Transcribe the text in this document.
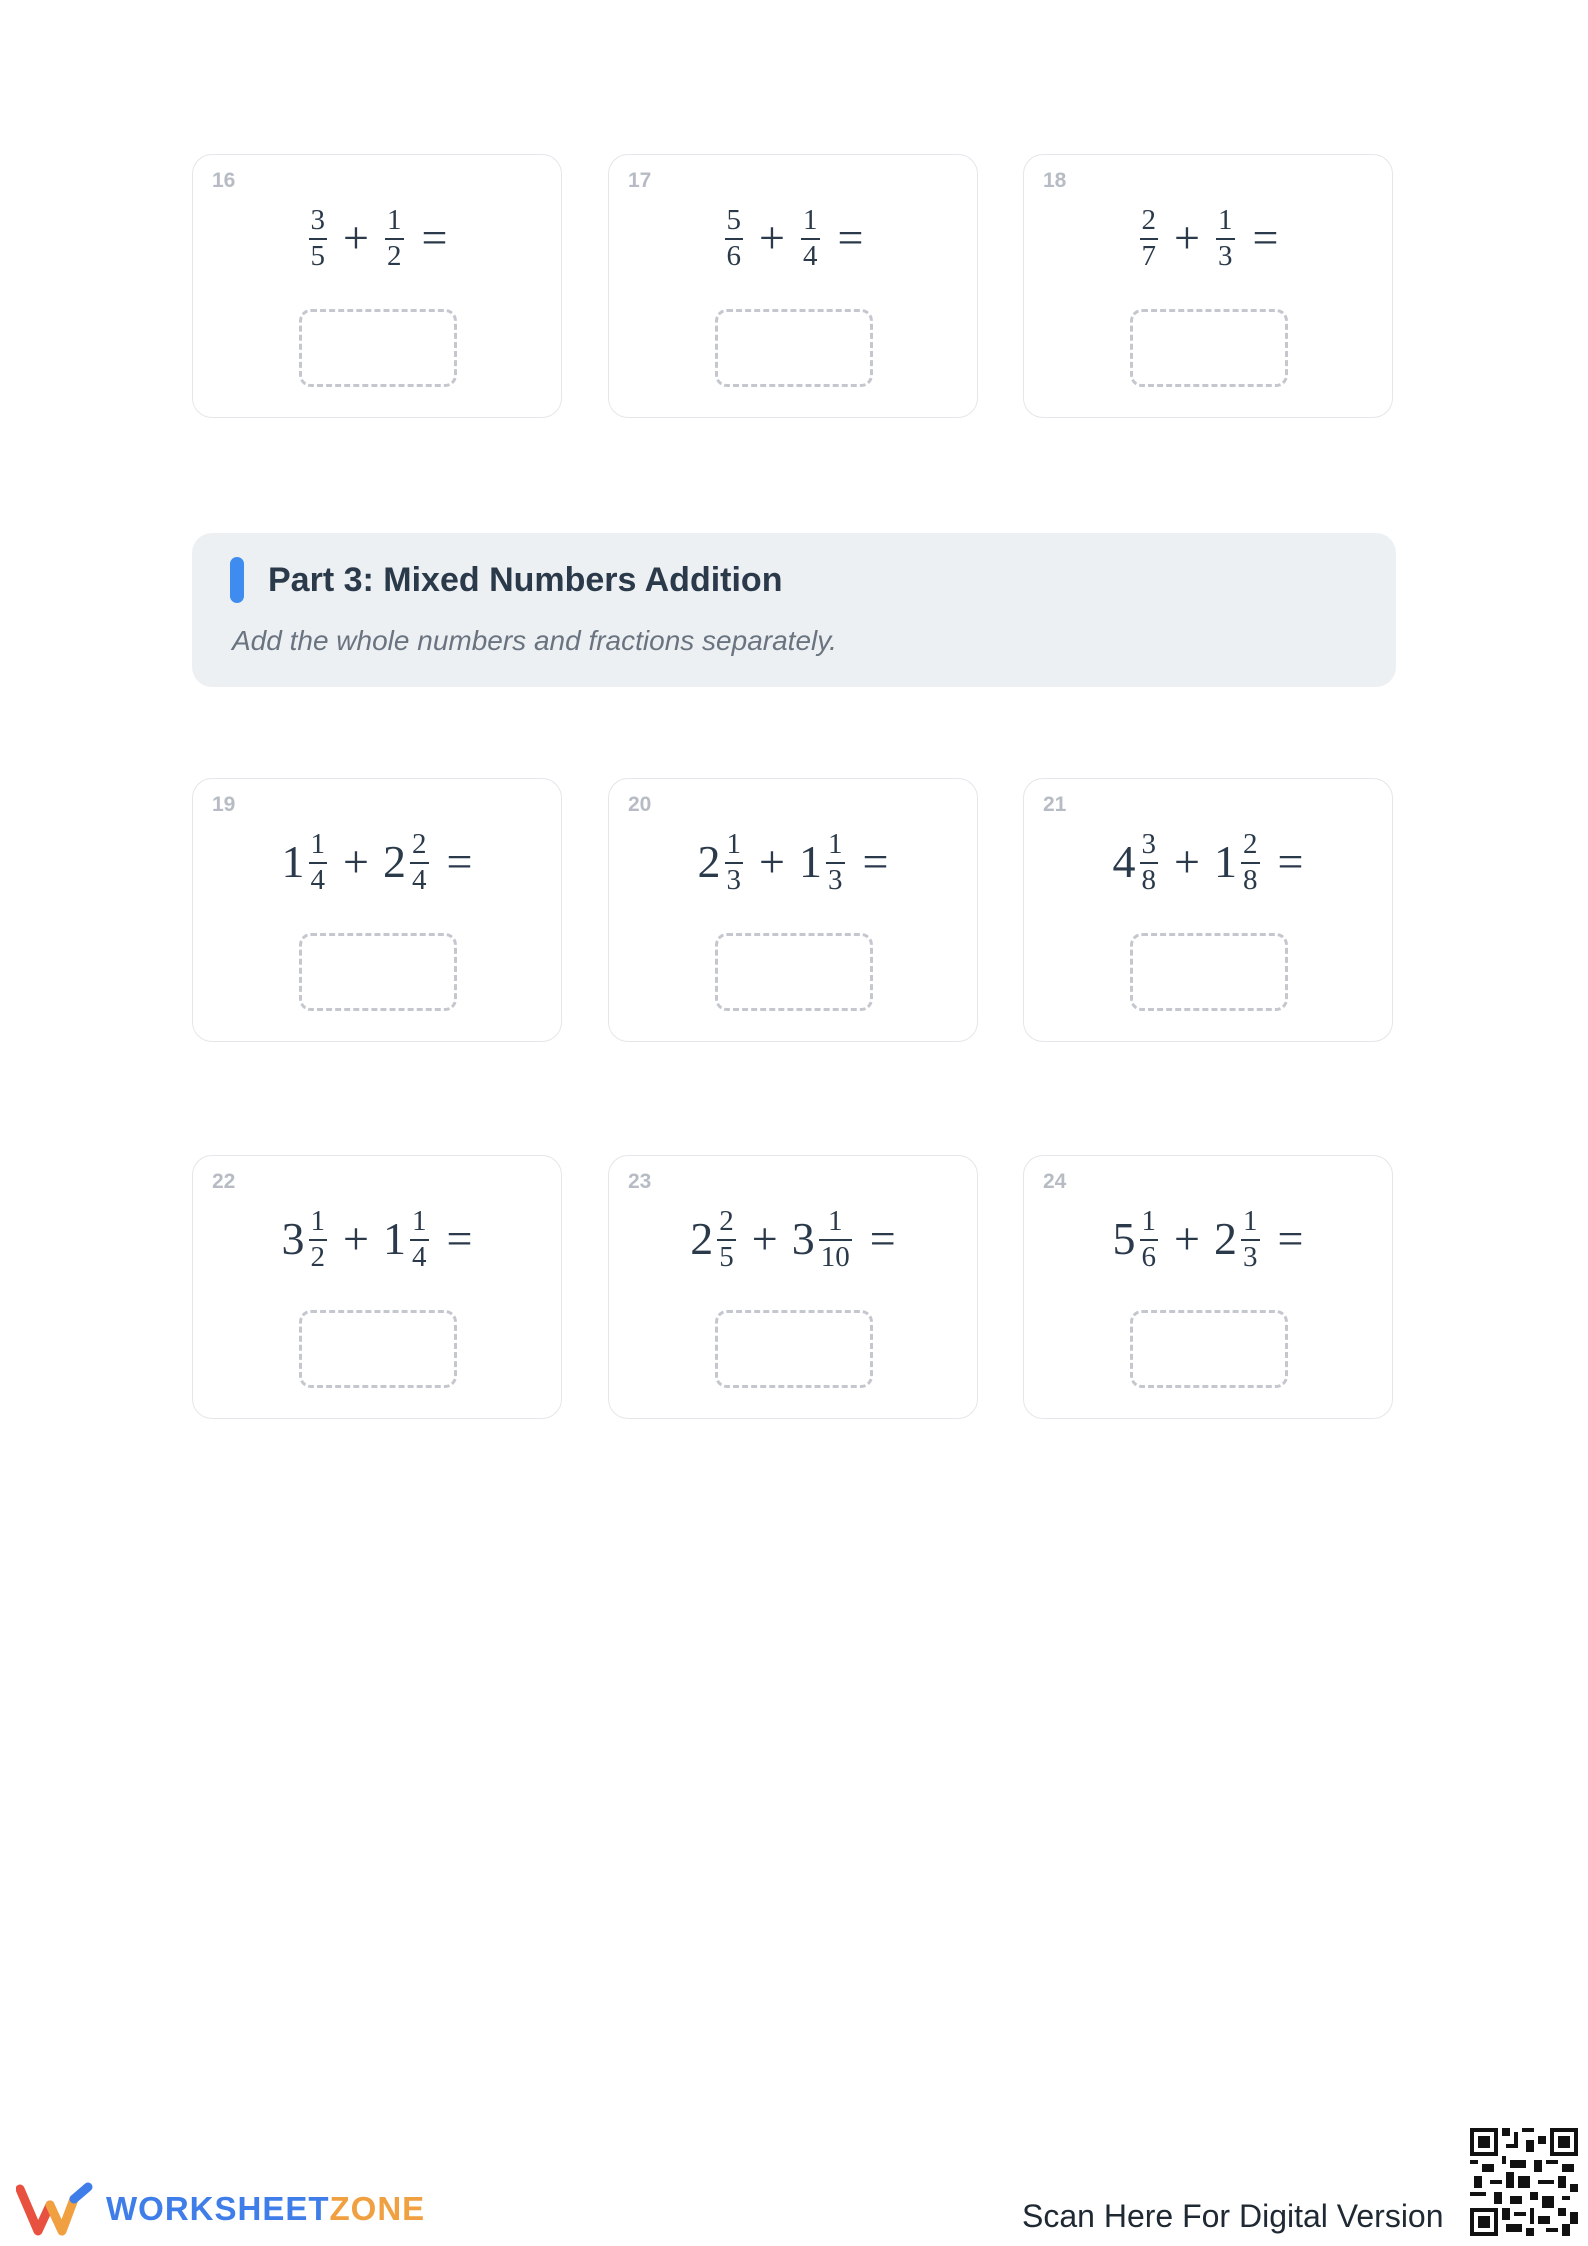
16
$\frac{3}{5} + \frac{1}{2}$ =
17
$\frac{5}{6} + \frac{1}{4}$ =
18
$\frac{2}{7} + \frac{1}{3}$ =
Part 3: Mixed Numbers Addition
Add the whole numbers and fractions separately.
19
$1 \frac{1}{4} + 2 \frac{2}{4}$ =
20
$2 \frac{1}{3} + 1 \frac{1}{3}$ =
21
$4 \frac{3}{8} + 1 \frac{2}{8}$ =
22
$3 \frac{1}{2} + 1 \frac{1}{4}$ =
23
$2 \frac{2}{5} + 3 \frac{1}{10}$ =
24
$5 \frac{1}{6} + 2 \frac{1}{3}$ =
WORKSHEETZONE	Scan Here For Digital Version
